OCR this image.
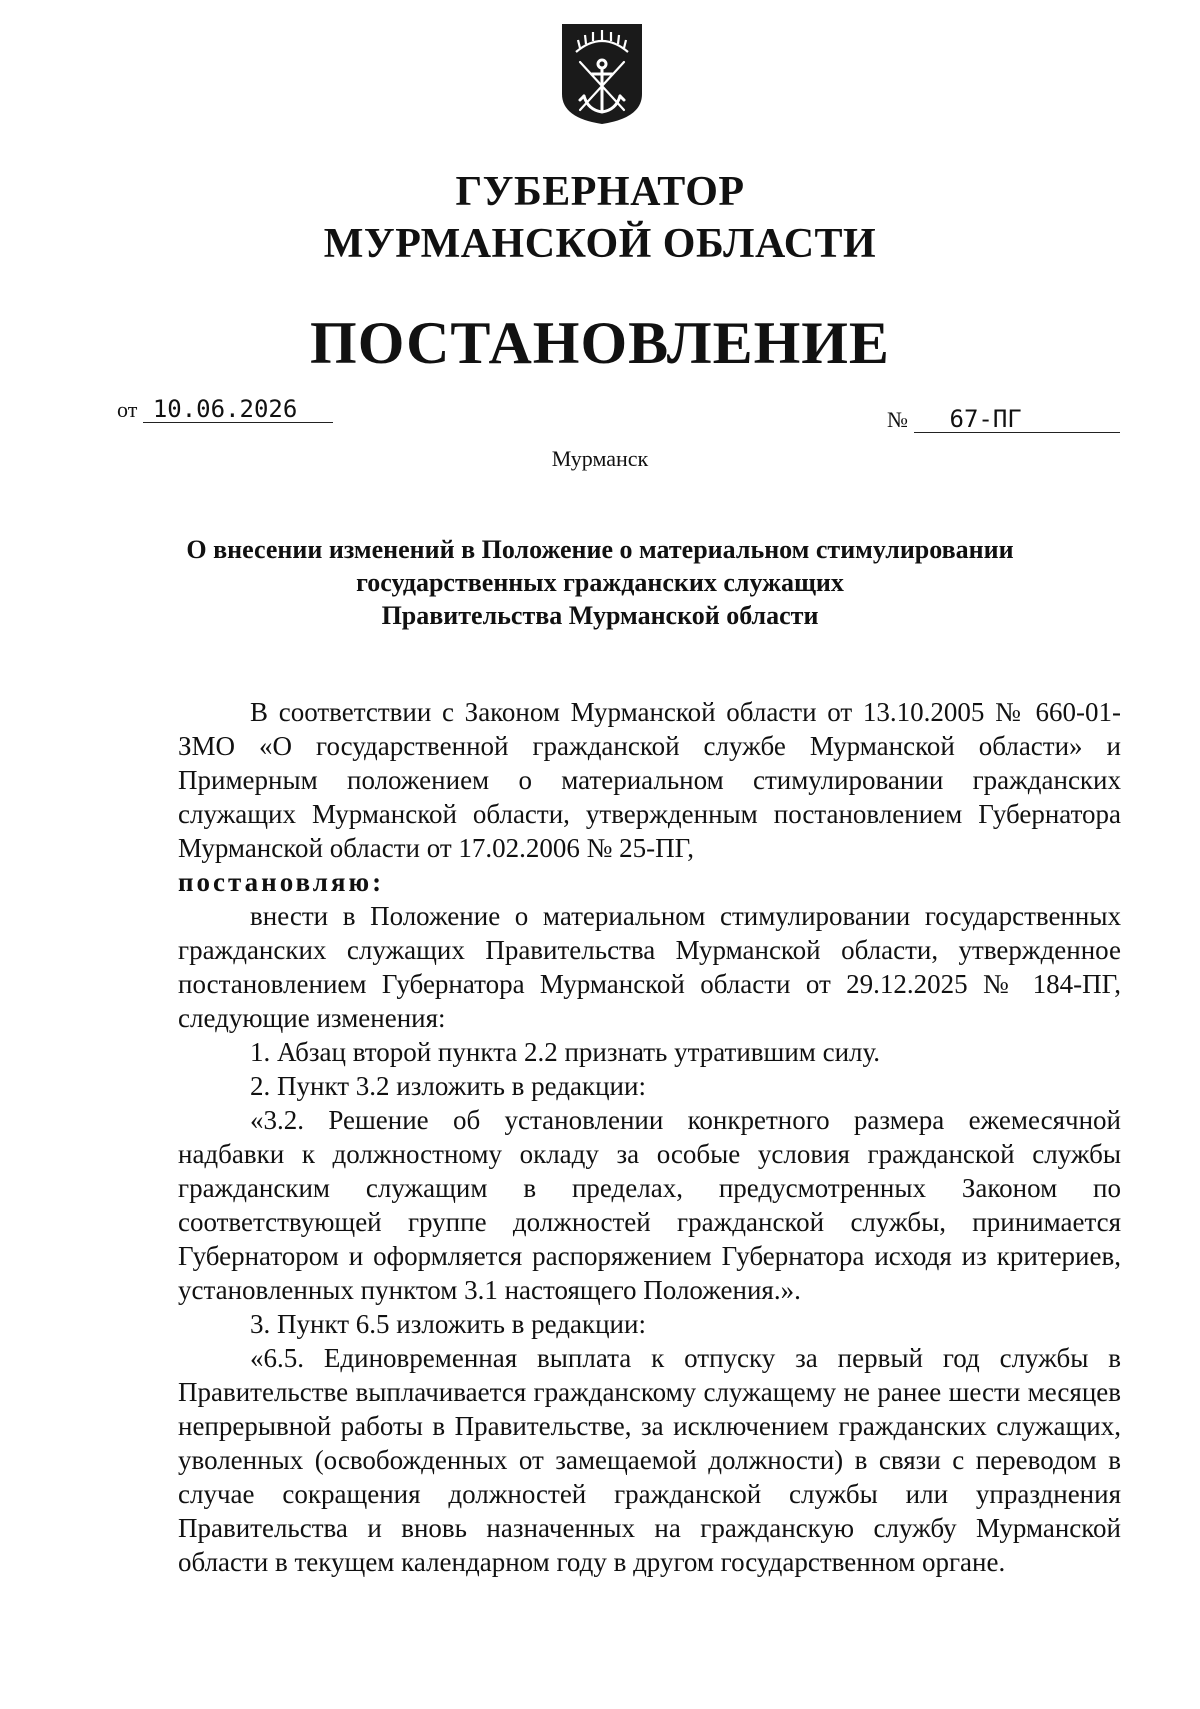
ГУБЕРНАТОР
МУРМАНСКОЙ ОБЛАСТИ
ПОСТАНОВЛЕНИЕ
от 10.06.2026	№ 67-ПГ
Мурманск
О внесении изменений в Положение о материальном стимулировании
государственных гражданских служащих
Правительства Мурманской области

В соответствии с Законом Мурманской области от 13.10.2005 № 660-01-ЗМО «О государственной гражданской службе Мурманской области» и Примерным положением о материальном стимулировании гражданских служащих Мурманской области, утвержденным постановлением Губернатора Мурманской области от 17.02.2006 № 25-ПГ,

постановляю:

внести в Положение о материальном стимулировании государственных гражданских служащих Правительства Мурманской области, утвержденное постановлением Губернатора Мурманской области от 29.12.2025 № 184-ПГ, следующие изменения:

1. Абзац второй пункта 2.2 признать утратившим силу.

2. Пункт 3.2 изложить в редакции:

«3.2. Решение об установлении конкретного размера ежемесячной надбавки к должностному окладу за особые условия гражданской службы гражданским служащим в пределах, предусмотренных Законом по соответствующей группе должностей гражданской службы, принимается Губернатором и оформляется распоряжением Губернатора исходя из критериев, установленных пунктом 3.1 настоящего Положения.».

3. Пункт 6.5 изложить в редакции:

«6.5. Единовременная выплата к отпуску за первый год службы в Правительстве выплачивается гражданскому служащему не ранее шести месяцев непрерывной работы в Правительстве, за исключением гражданских служащих, уволенных (освобожденных от замещаемой должности) в связи с переводом в случае сокращения должностей гражданской службы или упразднения Правительства и вновь назначенных на гражданскую службу Мурманской области в текущем календарном году в другом государственном органе.
